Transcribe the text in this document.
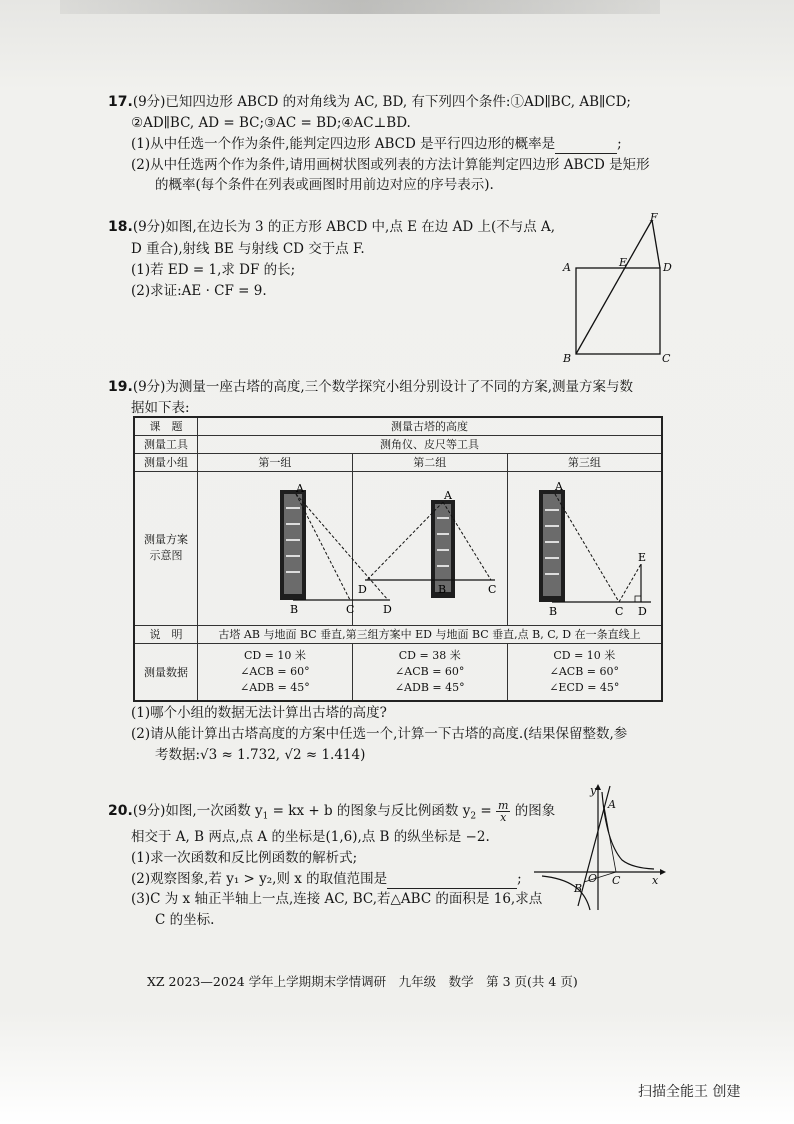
17.(9分)已知四边形 ABCD 的对角线为 AC, BD, 有下列四个条件:①AD∥BC, AB∥CD;
②AD∥BC, AD = BC;③AC = BD;④AC⊥BD.
(1)从中任选一个作为条件,能判定四边形 ABCD 是平行四边形的概率是	;
(2)从中任选两个作为条件,请用画树状图或列表的方法计算能判定四边形 ABCD 是矩形
的概率(每个条件在列表或画图时用前边对应的序号表示).
18.(9分)如图,在边长为 3 的正方形 ABCD 中,点 E 在边 AD 上(不与点 A,
D 重合),射线 BE 与射线 CD 交于点 F.
(1)若 ED = 1,求 DF 的长;
(2)求证:AE · CF = 9.
F
A	E	D
B	C
19.(9分)为测量一座古塔的高度,三个数学探究小组分别设计了不同的方案,测量方案与数
据如下表:
课　题	测量古塔的高度		
测量工具	测角仪、皮尺等工具		
测量小组	第一组	第二组	第三组
测量方案示意图	A
B C D	A
B C
D	A
B C D
E

说　明	古塔 AB 与地面 BC 垂直,第三组方案中 ED 与地面 BC 垂直,点 B, C, D 在一条直线上		
测量数据	CD = 10 米
∠ACB = 60°
∠ADB = 45°	CD = 38 米
∠ACB = 60°
∠ADB = 45°	CD = 10 米
∠ACB = 60°
∠ECD = 45°
(1)哪个小组的数据无法计算出古塔的高度?
(2)请从能计算出古塔高度的方案中任选一个,计算一下古塔的高度.(结果保留整数,参
考数据:√3 ≈ 1.732, √2 ≈ 1.414)
20.(9分)如图,一次函数 $y_1$ = kx + b 的图象与反比例函数 $y_2 = \frac{m}{x}$ 的图象
相交于 A, B 两点,点 A 的坐标是(1,6),点 B 的纵坐标是 −2.
(1)求一次函数和反比例函数的解析式;
(2)观察图象,若 y₁ > y₂,则 x 的取值范围是	;
(3)C 为 x 轴正半轴上一点,连接 AC, BC,若△ABC 的面积是 16,求点
C 的坐标.
y
A
O C	x
B
XZ 2023—2024 学年上学期期末学情调研　九年级　数学　第 3 页(共 4 页)
扫描全能王 创建
